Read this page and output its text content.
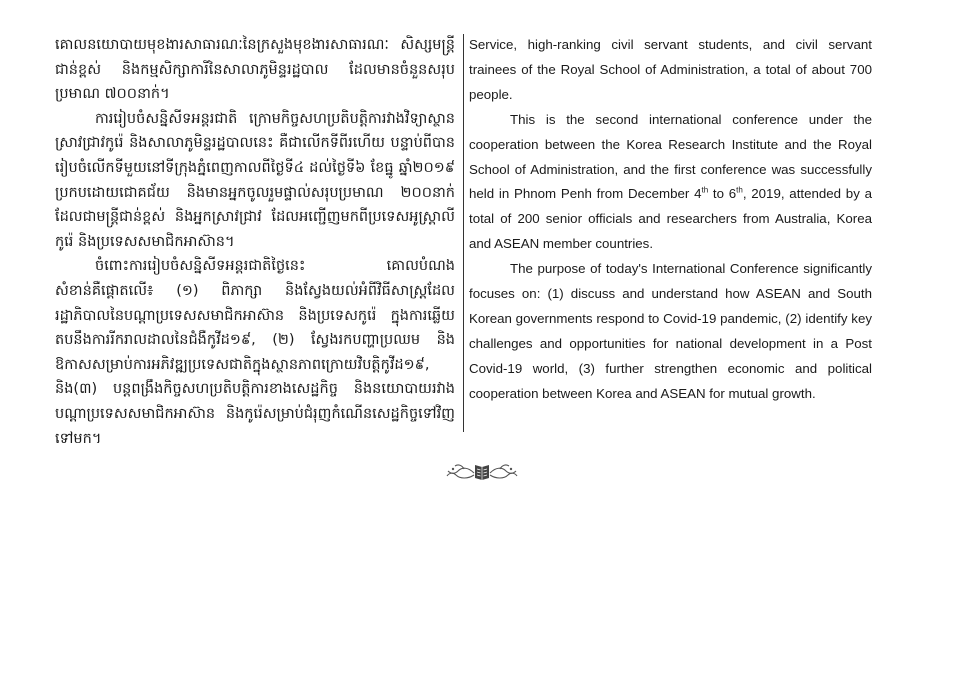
គោលនយោបាយមុខងារសាធារណៈនៃក្រសួងមុខងារសាធារណៈ សិស្សមន្ត្រីជាន់ខ្ពស់ និងកម្មសិក្សាការីនៃសាលាភូមិន្ទរដ្ឋបាល ដែលមានចំនួនសរុបប្រមាណ ៧០០នាក់។

ការរៀបចំសន្និសីទអន្តរជាតិ ក្រោមកិច្ចសហប្រតិបត្តិការវាងវិទ្យាស្ថានស្រាវជ្រាវកូរ៉េ និងសាលាភូមិន្ទរដ្ឋបាលនេះ គឺជាលើកទីពីរហើយ បន្ទាប់ពីបានរៀបចំលើកទីមួយនៅទីក្រុងភ្នំពេញកាលពីថ្ងៃទី៤ ដល់ថ្ងៃទី៦ ខែធ្នូ ឆ្នាំ២០១៩ ប្រកបដោយជោគជ័យ និងមានអ្នកចូលរួមផ្ទាល់សរុបប្រមាណ ២០០នាក់ ដែលជាមន្ត្រីជាន់ខ្ពស់ និងអ្នកស្រាវជ្រាវ ដែលអញ្ជើញមកពីប្រទេសអូស្រ្តាលី កូរ៉េ និងប្រទេសសមាជិកអាស៊ាន។

ចំពោះការរៀបចំសន្និសីទអន្តរជាតិថ្ងៃនេះ គោលបំណងសំខាន់គឺផ្តោតលើ៖ (១) ពិភាក្សា និងស្វែងយល់អំពីវិធីសាស្រ្តដែលរដ្ឋាភិបាលនៃបណ្តាប្រទេសសមាជិកអាស៊ាន និងប្រទេសកូរ៉េ ក្នុងការឆ្លើយតបនឹងការរីករាលដាលនៃជំងឺកូវីដ១៩, (២) ស្វែងរកបញ្ហាប្រឈម និងឱកាសសម្រាប់ការអភិវឌ្ឍប្រទេសជាតិក្នុងស្ថានភាពក្រោយវិបត្តិកូវីដ១៩, និង(៣) បន្តពង្រឹងកិច្ចសហប្រតិបត្តិការខាងសេដ្ឋកិច្ច និងនយោបាយរវាងបណ្តាប្រទេសសមាជិកអាស៊ាន និងកូរ៉េសម្រាប់ជំរុញកំណើនសេដ្ឋកិច្ចទៅវិញទៅមក។

Service, high-ranking civil servant students, and civil servant trainees of the Royal School of Administration, a total of about 700 people.

This is the second international conference under the cooperation between the Korea Research Institute and the Royal School of Administration, and the first conference was successfully held in Phnom Penh from December 4th to 6th, 2019, attended by a total of 200 senior officials and researchers from Australia, Korea and ASEAN member countries.

The purpose of today's International Conference significantly focuses on: (1) discuss and understand how ASEAN and South Korean governments respond to Covid-19 pandemic, (2) identify key challenges and opportunities for national development in a Post Covid-19 world, (3) further strengthen economic and political cooperation between Korea and ASEAN for mutual growth.
